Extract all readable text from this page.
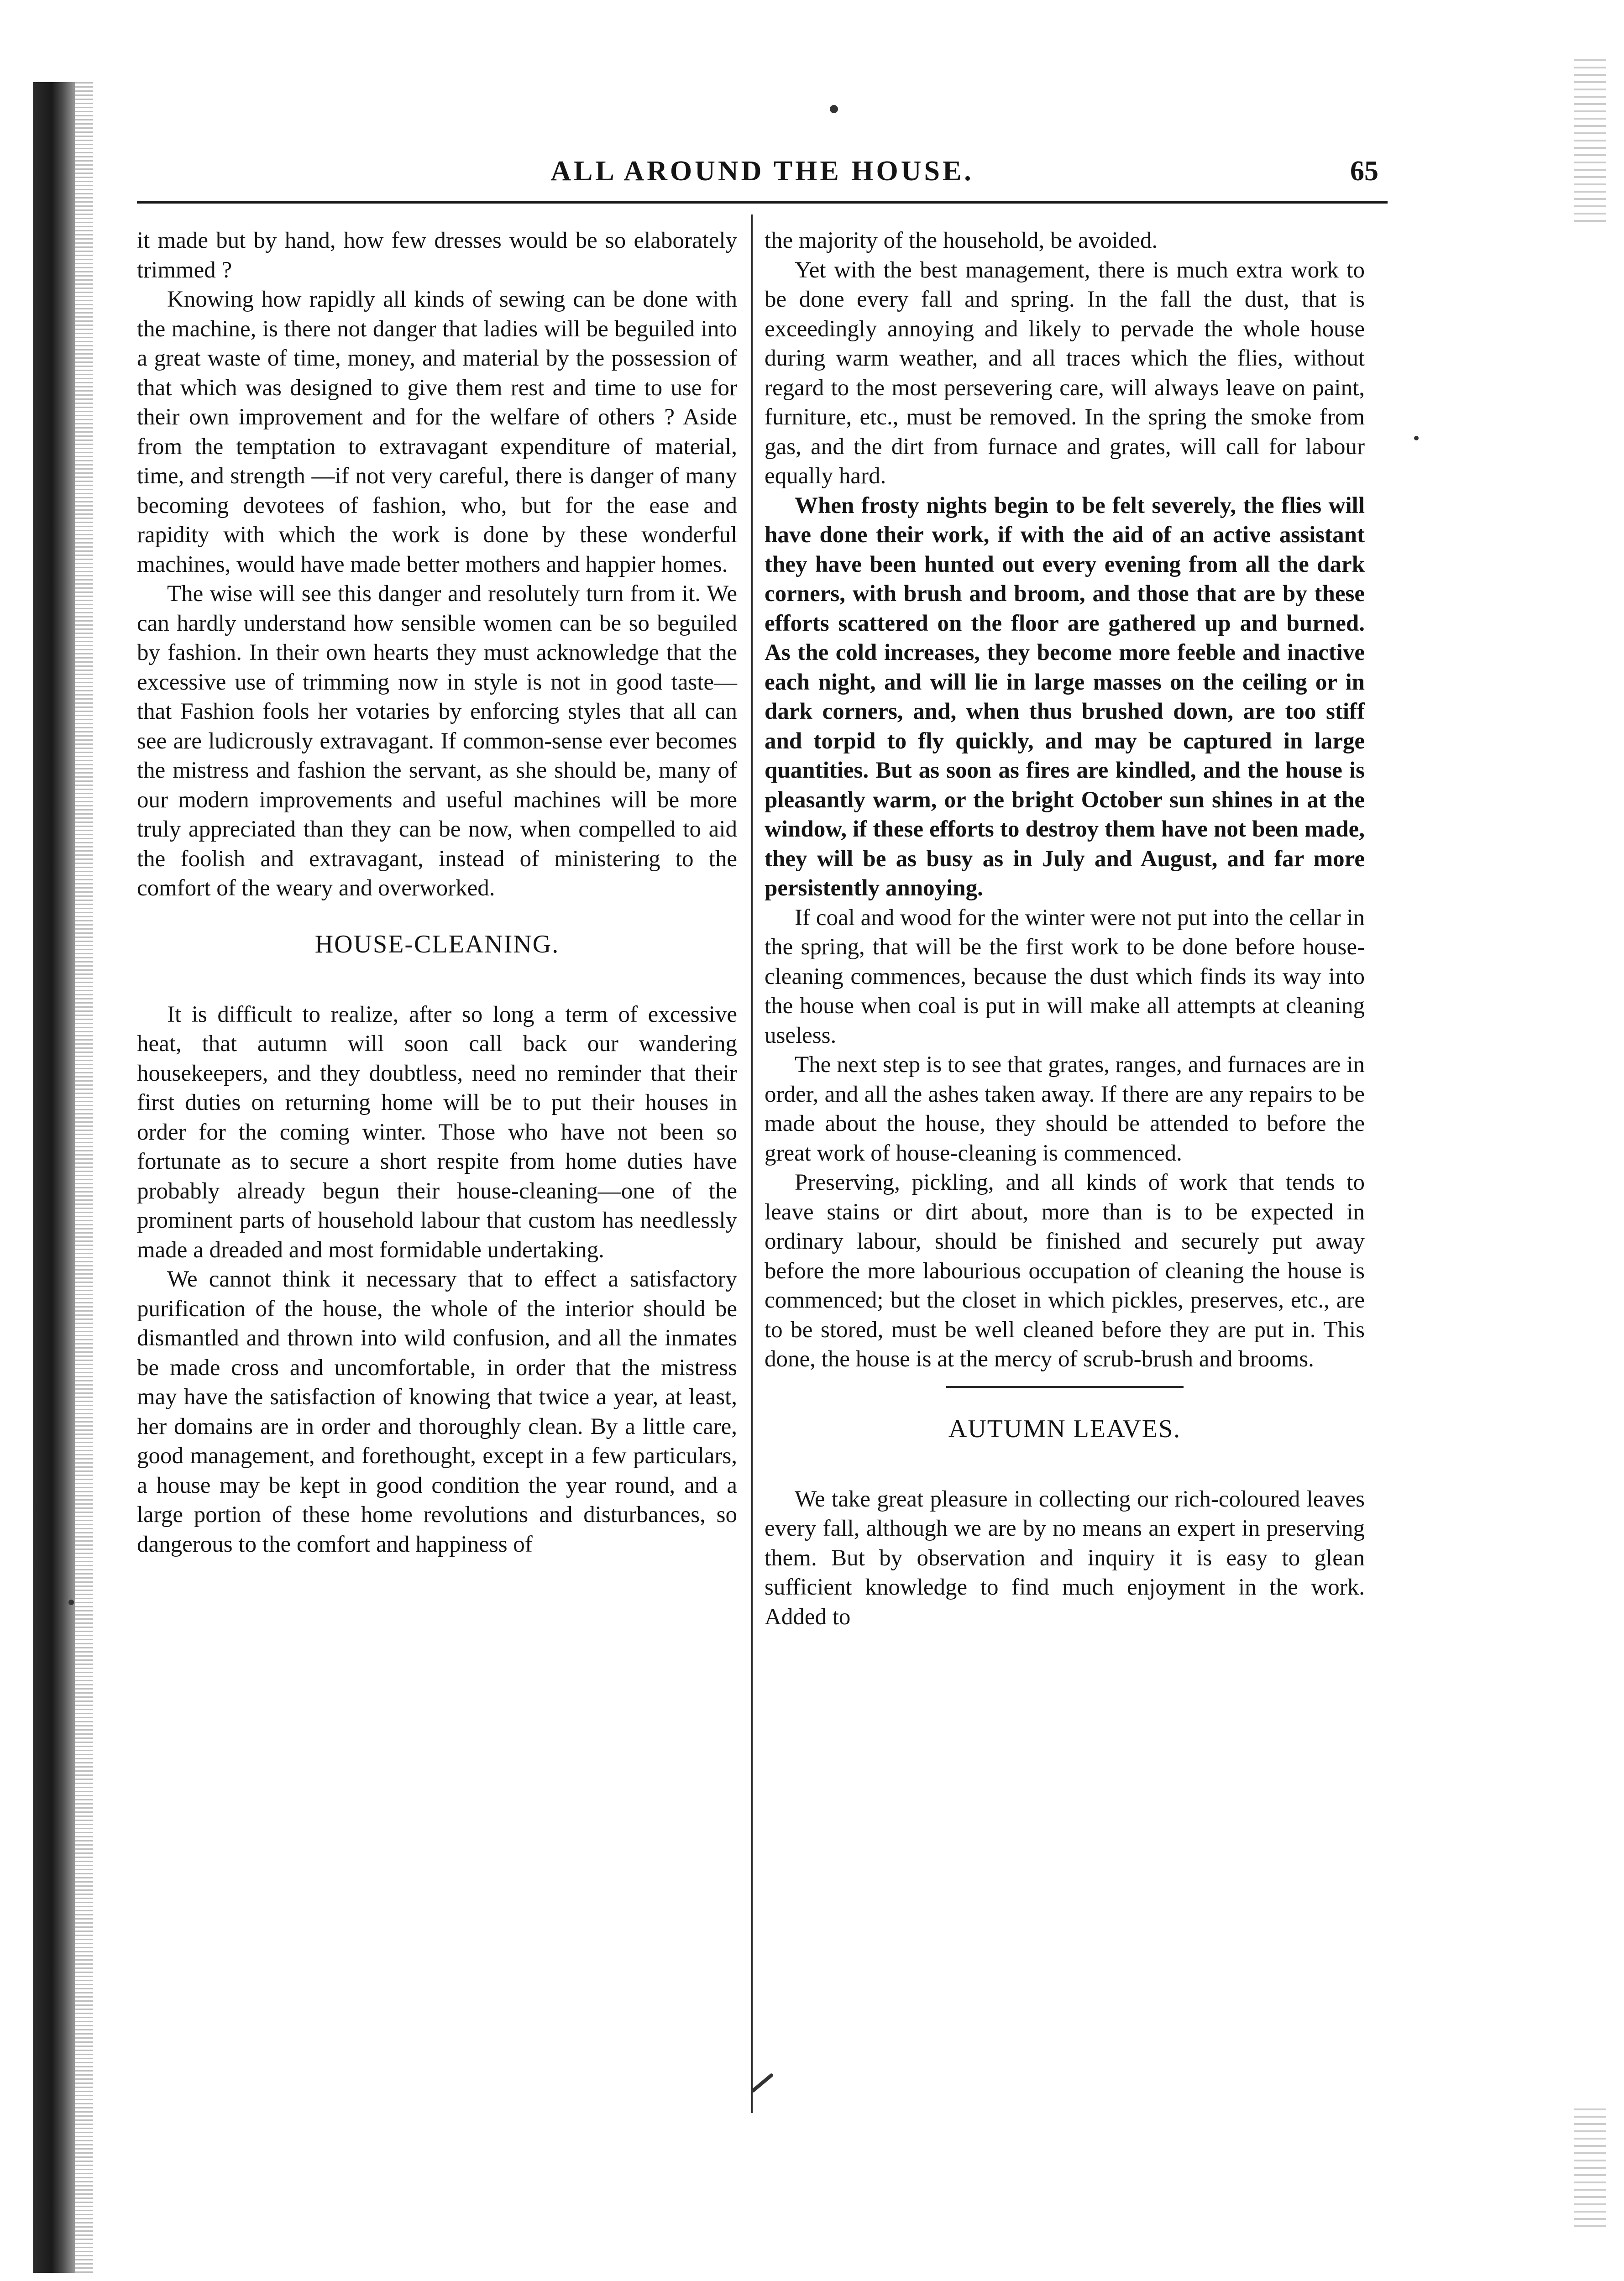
ALL AROUND THE HOUSE.	65

it made but by hand, how few dresses would be so elaborately trimmed ?

Knowing how rapidly all kinds of sewing can be done with the machine, is there not danger that ladies will be beguiled into a great waste of time, money, and material by the possession of that which was designed to give them rest and time to use for their own improvement and for the welfare of others ? Aside from the temptation to extravagant expenditure of material, time, and strength —if not very careful, there is danger of many becoming devotees of fashion, who, but for the ease and rapidity with which the work is done by these wonderful machines, would have made better mothers and happier homes.

The wise will see this danger and resolutely turn from it. We can hardly understand how sensible women can be so beguiled by fashion. In their own hearts they must acknowledge that the excessive use of trimming now in style is not in good taste—that Fashion fools her votaries by enforcing styles that all can see are ludicrously extravagant. If common-sense ever becomes the mistress and fashion the servant, as she should be, many of our modern improvements and useful machines will be more truly appreciated than they can be now, when compelled to aid the foolish and extravagant, instead of ministering to the comfort of the weary and overworked.

HOUSE-CLEANING.

It is difficult to realize, after so long a term of excessive heat, that autumn will soon call back our wandering housekeepers, and they doubtless, need no reminder that their first duties on returning home will be to put their houses in order for the coming winter. Those who have not been so fortunate as to secure a short respite from home duties have probably already begun their house-cleaning—one of the prominent parts of household labour that custom has needlessly made a dreaded and most formidable undertaking.

We cannot think it necessary that to effect a satisfactory purification of the house, the whole of the interior should be dismantled and thrown into wild confusion, and all the inmates be made cross and uncomfortable, in order that the mistress may have the satisfaction of knowing that twice a year, at least, her domains are in order and thoroughly clean. By a little care, good management, and forethought, except in a few particulars, a house may be kept in good condition the year round, and a large portion of these home revolutions and disturbances, so dangerous to the comfort and happiness of

the majority of the household, be avoided.

Yet with the best management, there is much extra work to be done every fall and spring. In the fall the dust, that is exceedingly annoying and likely to pervade the whole house during warm weather, and all traces which the flies, without regard to the most persevering care, will always leave on paint, furniture, etc., must be removed. In the spring the smoke from gas, and the dirt from furnace and grates, will call for labour equally hard.

When frosty nights begin to be felt severely, the flies will have done their work, if with the aid of an active assistant they have been hunted out every evening from all the dark corners, with brush and broom, and those that are by these efforts scattered on the floor are gathered up and burned. As the cold increases, they become more feeble and inactive each night, and will lie in large masses on the ceiling or in dark corners, and, when thus brushed down, are too stiff and torpid to fly quickly, and may be captured in large quantities. But as soon as fires are kindled, and the house is pleasantly warm, or the bright October sun shines in at the window, if these efforts to destroy them have not been made, they will be as busy as in July and August, and far more persistently annoying.

If coal and wood for the winter were not put into the cellar in the spring, that will be the first work to be done before house-cleaning commences, because the dust which finds its way into the house when coal is put in will make all attempts at cleaning useless.

The next step is to see that grates, ranges, and furnaces are in order, and all the ashes taken away. If there are any repairs to be made about the house, they should be attended to before the great work of house-cleaning is commenced.

Preserving, pickling, and all kinds of work that tends to leave stains or dirt about, more than is to be expected in ordinary labour, should be finished and securely put away before the more labourious occupation of cleaning the house is commenced; but the closet in which pickles, preserves, etc., are to be stored, must be well cleaned before they are put in. This done, the house is at the mercy of scrub-brush and brooms.

AUTUMN LEAVES.

We take great pleasure in collecting our rich-coloured leaves every fall, although we are by no means an expert in preserving them. But by observation and inquiry it is easy to glean sufficient knowledge to find much enjoyment in the work. Added to
